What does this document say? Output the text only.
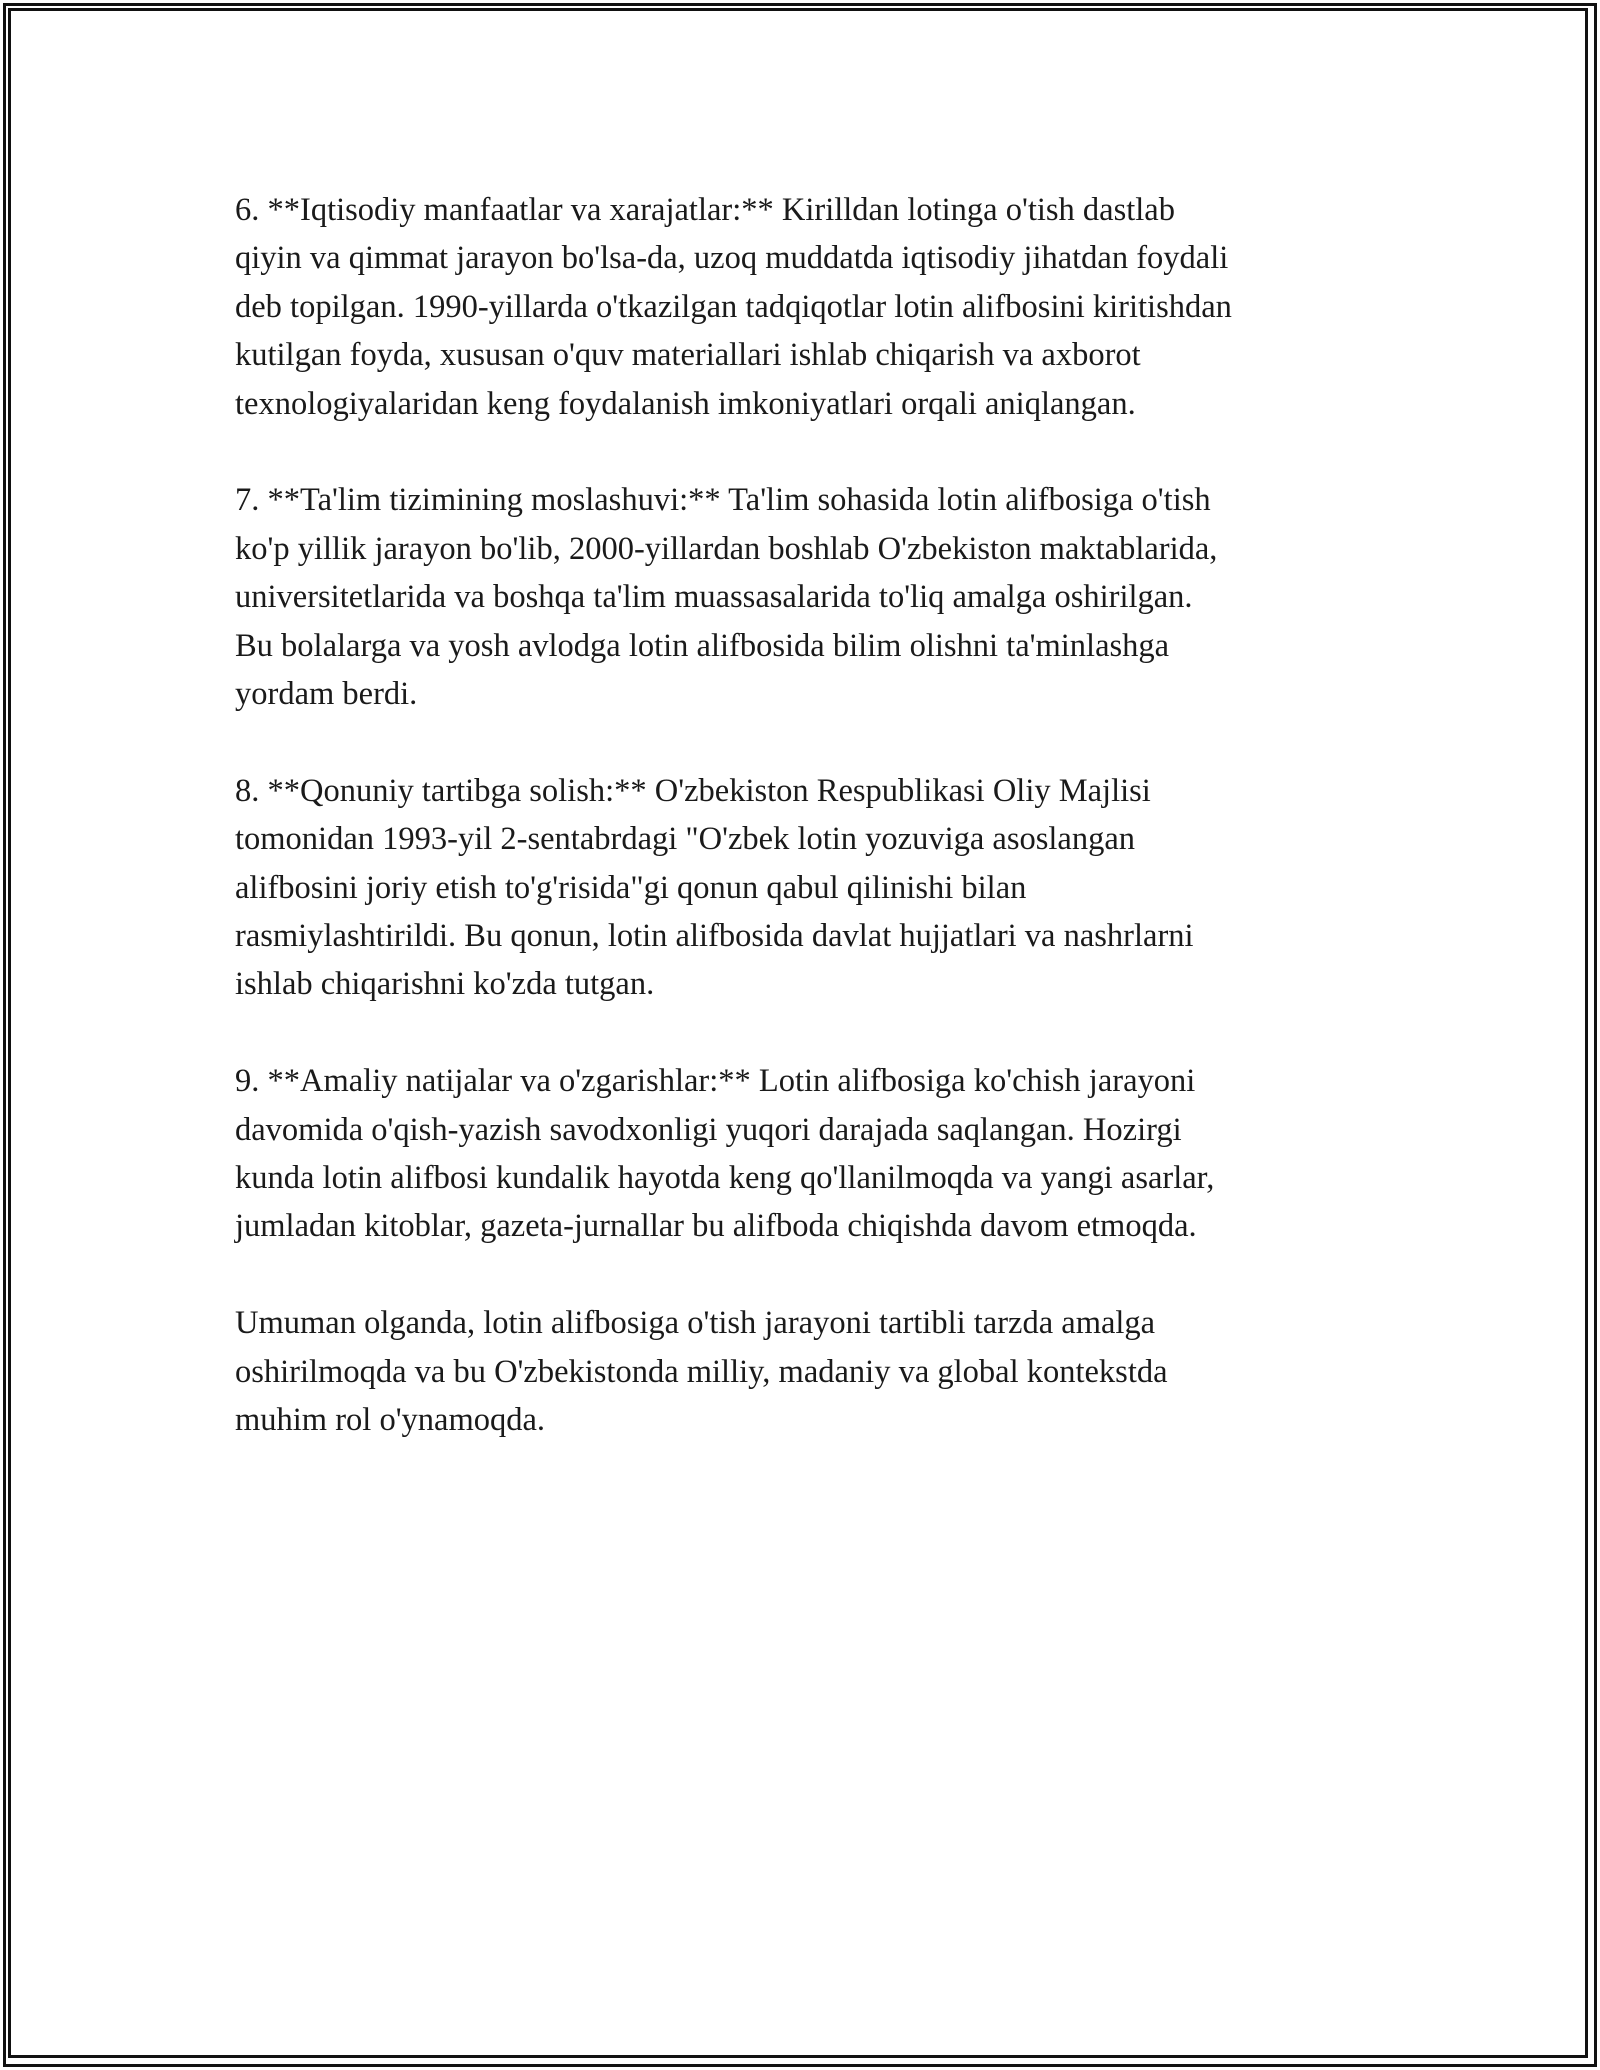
6. **Iqtisodiy manfaatlar va xarajatlar:** Kirilldan lotinga o'tish dastlab
qiyin va qimmat jarayon bo'lsa-da, uzoq muddatda iqtisodiy jihatdan foydali
deb topilgan. 1990-yillarda o'tkazilgan tadqiqotlar lotin alifbosini kiritishdan
kutilgan foyda, xususan o'quv materiallari ishlab chiqarish va axborot
texnologiyalaridan keng foydalanish imkoniyatlari orqali aniqlangan.

7. **Ta'lim tizimining moslashuvi:** Ta'lim sohasida lotin alifbosiga o'tish
ko'p yillik jarayon bo'lib, 2000-yillardan boshlab O'zbekiston maktablarida,
universitetlarida va boshqa ta'lim muassasalarida to'liq amalga oshirilgan.
Bu bolalarga va yosh avlodga lotin alifbosida bilim olishni ta'minlashga
yordam berdi.

8. **Qonuniy tartibga solish:** O'zbekiston Respublikasi Oliy Majlisi
tomonidan 1993-yil 2-sentabrdagi "O'zbek lotin yozuviga asoslangan
alifbosini joriy etish to'g'risida"gi qonun qabul qilinishi bilan
rasmiylashtirildi. Bu qonun, lotin alifbosida davlat hujjatlari va nashrlarni
ishlab chiqarishni ko'zda tutgan.

9. **Amaliy natijalar va o'zgarishlar:** Lotin alifbosiga ko'chish jarayoni
davomida o'qish-yazish savodxonligi yuqori darajada saqlangan. Hozirgi
kunda lotin alifbosi kundalik hayotda keng qo'llanilmoqda va yangi asarlar,
jumladan kitoblar, gazeta-jurnallar bu alifboda chiqishda davom etmoqda.

Umuman olganda, lotin alifbosiga o'tish jarayoni tartibli tarzda amalga
oshirilmoqda va bu O'zbekistonda milliy, madaniy va global kontekstda
muhim rol o'ynamoqda.
